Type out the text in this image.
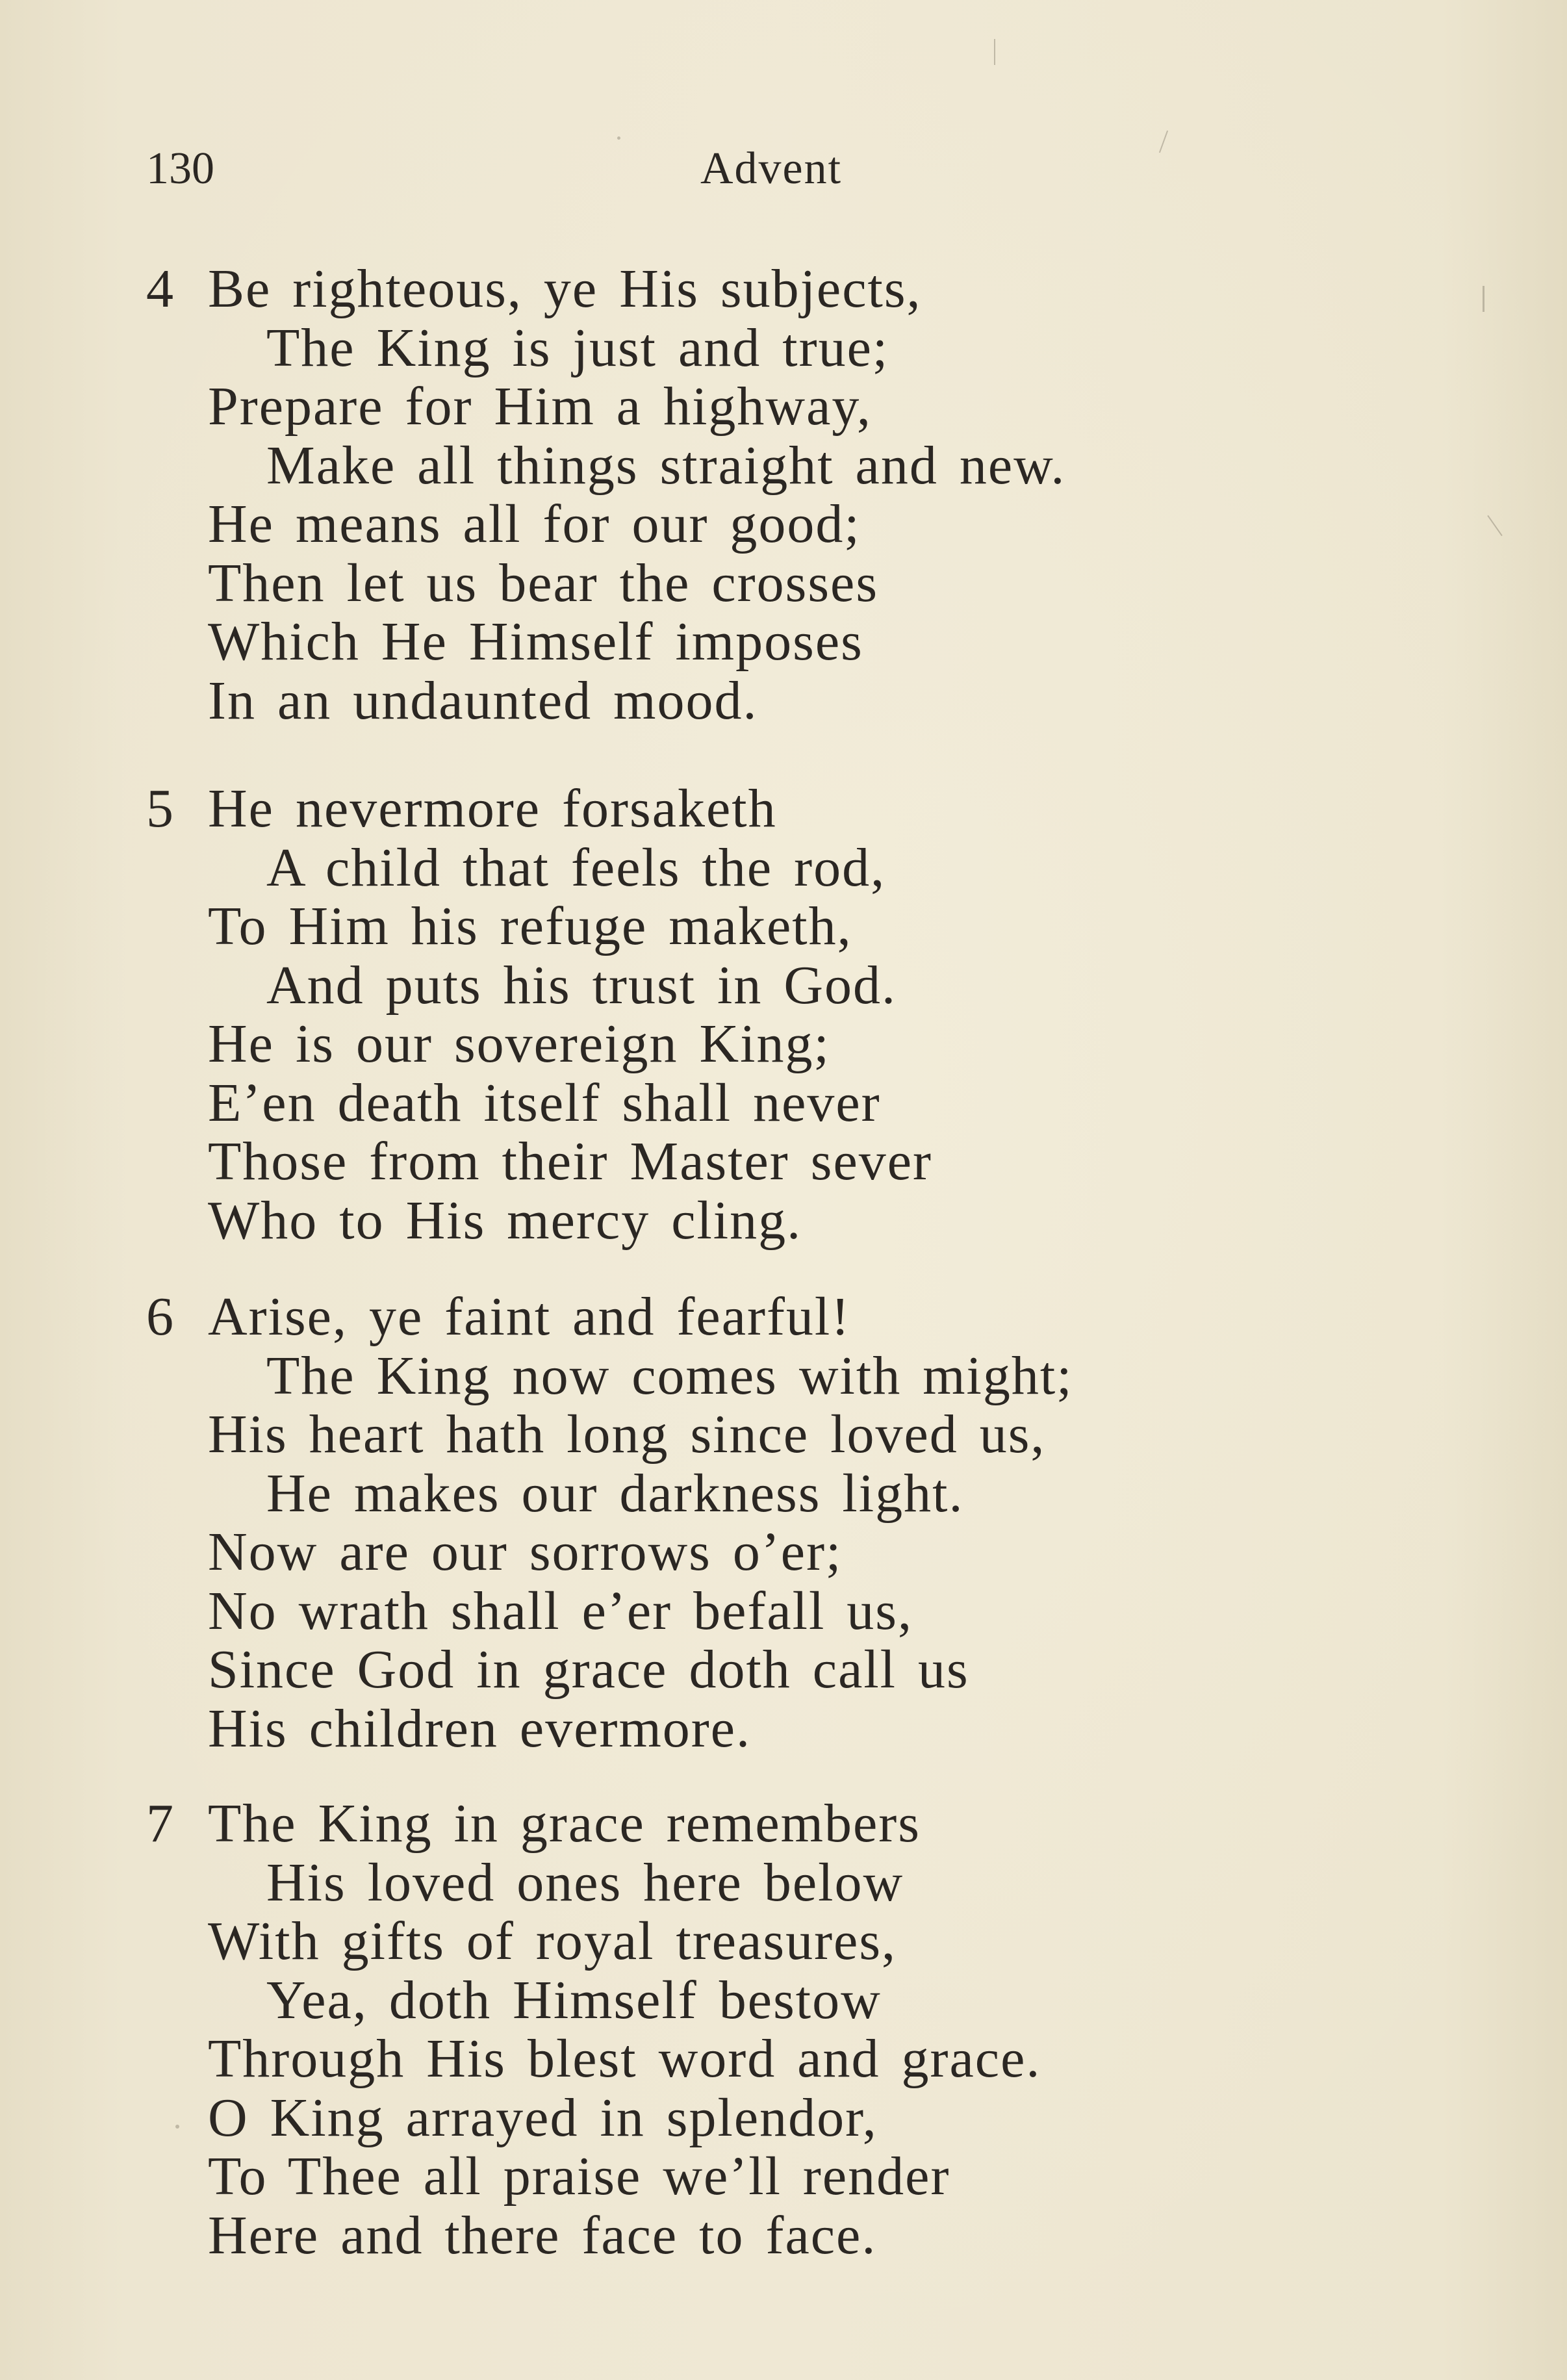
130	Advent
4 Be righteous, ye His subjects,
The King is just and true;
Prepare for Him a highway,
Make all things straight and new.
He means all for our good;
Then let us bear the crosses
Which He Himself imposes
In an undaunted mood.
5 He nevermore forsaketh
A child that feels the rod,
To Him his refuge maketh,
And puts his trust in God.
He is our sovereign King;
E’en death itself shall never
Those from their Master sever
Who to His mercy cling.
6 Arise, ye faint and fearful!
The King now comes with might;
His heart hath long since loved us,
He makes our darkness light.
Now are our sorrows o’er;
No wrath shall e’er befall us,
Since God in grace doth call us
His children evermore.
7 The King in grace remembers
His loved ones here below
With gifts of royal treasures,
Yea, doth Himself bestow
Through His blest word and grace.
O King arrayed in splendor,
To Thee all praise we’ll render
Here and there face to face.
